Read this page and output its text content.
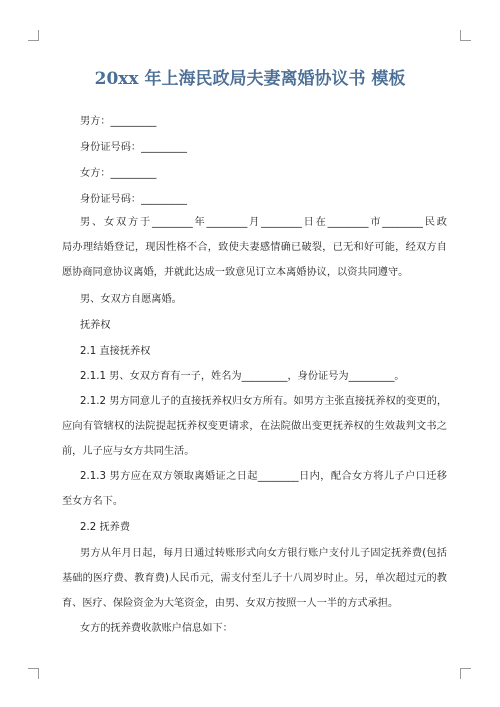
20xx 年上海民政局夫妻离婚协议书 模板
男方：_________
身份证号码：_________
女方：_________
身份证号码：_________
男、女双方于________年________月________日在________市________民政
局办理结婚登记，现因性格不合，致使夫妻感情确已破裂，已无和好可能，经双方自
愿协商同意协议离婚，并就此达成一致意见订立本离婚协议，以资共同遵守。
男、女双方自愿离婚。
抚养权
2.1 直接抚养权
2.1.1 男、女双方育有一子，姓名为_________，身份证号为_________。
2.1.2 男方同意儿子的直接抚养权归女方所有。如男方主张直接抚养权的变更的，
应向有管辖权的法院提起抚养权变更请求，在法院做出变更抚养权的生效裁判文书之
前，儿子应与女方共同生活。
2.1.3 男方应在双方领取离婚证之日起________日内，配合女方将儿子户口迁移
至女方名下。
2.2 抚养费
男方从年月日起，每月日通过转账形式向女方银行账户支付儿子固定抚养费(包括
基础的医疗费、教育费)人民币元，需支付至儿子十八周岁时止。另，单次超过元的教
育、医疗、保险资金为大笔资金，由男、女双方按照一人一半的方式承担。
女方的抚养费收款账户信息如下：
